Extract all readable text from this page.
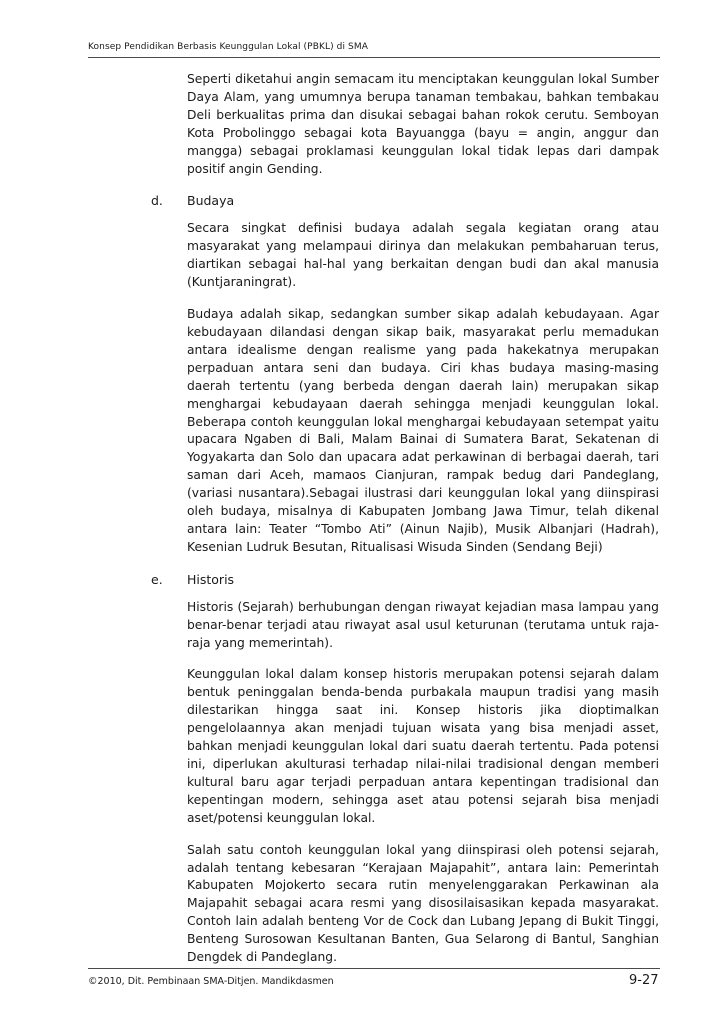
Konsep Pendidikan Berbasis Keunggulan Lokal (PBKL) di SMA

Seperti diketahui angin semacam itu menciptakan keunggulan lokal Sumber Daya Alam, yang umumnya berupa tanaman tembakau, bahkan tembakau Deli berkualitas prima dan disukai sebagai bahan rokok cerutu. Semboyan Kota Probolinggo sebagai kota Bayuangga (bayu = angin, anggur dan mangga) sebagai proklamasi keunggulan lokal tidak lepas dari dampak positif angin Gending.

d. Budaya

Secara singkat definisi budaya adalah segala kegiatan orang atau masyarakat yang melampaui dirinya dan melakukan pembaharuan terus, diartikan sebagai hal-hal yang berkaitan dengan budi dan akal manusia (Kuntjaraningrat).

Budaya adalah sikap, sedangkan sumber sikap adalah kebudayaan. Agar kebudayaan dilandasi dengan sikap baik, masyarakat perlu memadukan antara idealisme dengan realisme yang pada hakekatnya merupakan perpaduan antara seni dan budaya. Ciri khas budaya masing-masing daerah tertentu (yang berbeda dengan daerah lain) merupakan sikap menghargai kebudayaan daerah sehingga menjadi keunggulan lokal. Beberapa contoh keunggulan lokal menghargai kebudayaan setempat yaitu upacara Ngaben di Bali, Malam Bainai di Sumatera Barat, Sekatenan di Yogyakarta dan Solo dan upacara adat perkawinan di berbagai daerah, tari saman dari Aceh, mamaos Cianjuran, rampak bedug dari Pandeglang, (variasi nusantara).Sebagai ilustrasi dari keunggulan lokal yang diinspirasi oleh budaya, misalnya di Kabupaten Jombang Jawa Timur, telah dikenal antara lain: Teater “Tombo Ati” (Ainun Najib), Musik Albanjari (Hadrah), Kesenian Ludruk Besutan, Ritualisasi Wisuda Sinden (Sendang Beji)

e. Historis

Historis (Sejarah) berhubungan dengan riwayat kejadian masa lampau yang benar-benar terjadi atau riwayat asal usul keturunan (terutama untuk raja-raja yang memerintah).

Keunggulan lokal dalam konsep historis merupakan potensi sejarah dalam bentuk peninggalan benda-benda purbakala maupun tradisi yang masih dilestarikan hingga saat ini. Konsep historis jika dioptimalkan pengelolaannya akan menjadi tujuan wisata yang bisa menjadi asset, bahkan menjadi keunggulan lokal dari suatu daerah tertentu. Pada potensi ini, diperlukan akulturasi terhadap nilai-nilai tradisional dengan memberi kultural baru agar terjadi perpaduan antara kepentingan tradisional dan kepentingan modern, sehingga aset atau potensi sejarah bisa menjadi aset/potensi keunggulan lokal.

Salah satu contoh keunggulan lokal yang diinspirasi oleh potensi sejarah, adalah tentang kebesaran “Kerajaan Majapahit”, antara lain: Pemerintah Kabupaten Mojokerto secara rutin menyelenggarakan Perkawinan ala Majapahit sebagai acara resmi yang disosilaisasikan kepada masyarakat. Contoh lain adalah benteng Vor de Cock dan Lubang Jepang di Bukit Tinggi, Benteng Surosowan Kesultanan Banten, Gua Selarong di Bantul, Sanghian Dengdek di Pandeglang.

©2010, Dit. Pembinaan SMA-Ditjen. Mandikdasmen	9-27
